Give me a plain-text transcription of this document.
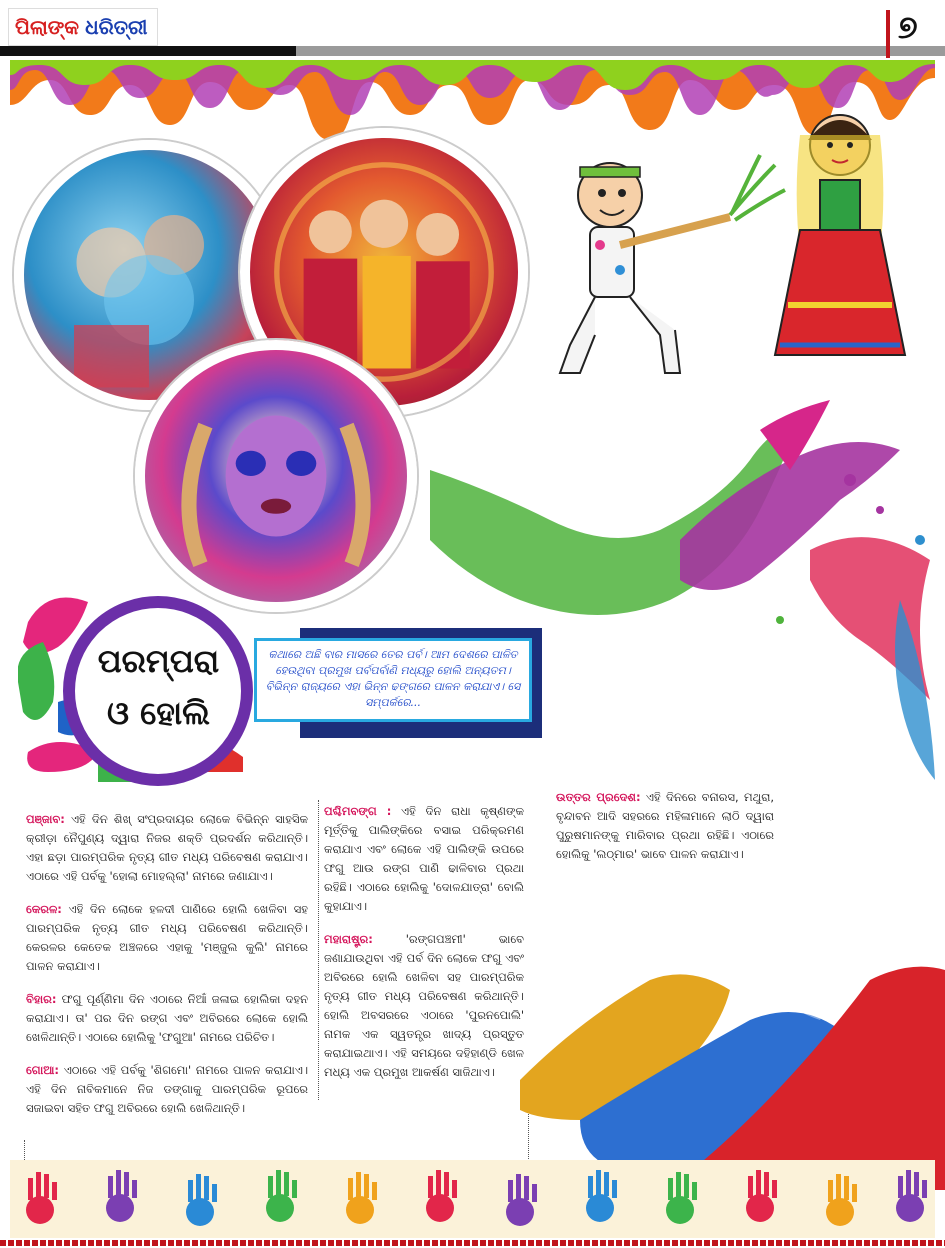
ପିଲାଙ୍କ ଧରିତ୍ରୀ	୭
ପରମ୍ପରା
ଓ ହୋଲି
କଥାରେ ଅଛି ବାର ମାସରେ ତେର ପର୍ବ। ଆମ ଦେଶରେ ପାଳିତ ହେଉଥିବା ପ୍ରମୁଖ ପର୍ବପର୍ବାଣି ମଧ୍ୟରୁ ହୋଲି ଅନ୍ୟତମ। ବିଭିନ୍ନ ରାଜ୍ୟରେ ଏହା ଭିନ୍ନ ଢଙ୍ଗରେ ପାଳନ କରାଯାଏ। ସେ ସମ୍ପର୍କରେ...

ପଞ୍ଜାବ: ଏହି ଦିନ ଶିଖ୍ ସଂପ୍ରଦାୟର ଲୋକେ ବିଭିନ୍ନ ସାହସିକ କ୍ରୀଡ଼ା ନୈପୁଣ୍ୟ ଦ୍ୱାରା ନିଜର ଶକ୍ତି ପ୍ରଦର୍ଶନ କରିଥାନ୍ତି। ଏହା ଛଡ଼ା ପାରମ୍ପରିକ ନୃତ୍ୟ ଗୀତ ମଧ୍ୟ ପରିବେଷଣ କରାଯାଏ। ଏଠାରେ ଏହି ପର୍ବକୁ 'ହୋଲା ମୋହଲ୍ଲା' ନାମରେ ଜଣାଯାଏ।

କେରଳ: ଏହି ଦିନ ଲୋକେ ହଳଦୀ ପାଣିରେ ହୋଲି ଖେଳିବା ସହ ପାରମ୍ପରିକ ନୃତ୍ୟ ଗୀତ ମଧ୍ୟ ପରିବେଷଣ କରିଥାନ୍ତି। କେରଳର କେତେକ ଅଞ୍ଚଳରେ ଏହାକୁ 'ମଞ୍ଜୁଲ କୁଲି' ନାମରେ ପାଳନ କରାଯାଏ।

ବିହାର: ଫଗୁ ପୂର୍ଣ୍ଣିମା ଦିନ ଏଠାରେ ନିଆଁ ଜଳାଇ ହୋଲିକା ଦହନ କରାଯାଏ। ତା' ପର ଦିନ ରଙ୍ଗ ଏବଂ ଅବିରରେ ଲୋକେ ହୋଲି ଖେଳିଥାନ୍ତି। ଏଠାରେ ହୋଲିକୁ 'ଫଗୁଆ' ନାମରେ ପରିଚିତ।

ଗୋଆ: ଏଠାରେ ଏହି ପର୍ବକୁ 'ଶିଗମୋ' ନାମରେ ପାଳନ କରାଯାଏ। ଏହି ଦିନ ନାବିକମାନେ ନିଜ ଡଙ୍ଗାକୁ ପାରମ୍ପରିକ ରୂପରେ ସଜାଇବା ସହିତ ଫଗୁ ଅବିରରେ ହୋଲି ଖେଳିଥାନ୍ତି।

ପଶ୍ଚିମବଙ୍ଗ : ଏହି ଦିନ ରାଧା କୃଷ୍ଣଙ୍କ ମୂର୍ତ୍ତିକୁ ପାଲିଙ୍କିରେ ବସାଇ ପରିକ୍ରମଣ କରାଯାଏ ଏବଂ ଲୋକେ ଏହି ପାଲିଙ୍କି ଉପରେ ଫଗୁ ଆଉ ରଙ୍ଗ ପାଣି ଢାଳିବାର ପ୍ରଥା ରହିଛି। ଏଠାରେ ହୋଲିକୁ 'ଦୋଳଯାତ୍ରା' ବୋଲି କୁହାଯାଏ।

ମହାରାଷ୍ଟ୍ର: 'ରଙ୍ଗପଞ୍ଚମୀ' ଭାବେ ଜଣାଯାଉଥିବା ଏହି ପର୍ବ ଦିନ ଲୋକେ ଫଗୁ ଏବଂ ଅବିରରେ ହୋଲି ଖେଳିବା ସହ ପାରମ୍ପରିକ ନୃତ୍ୟ ଗୀତ ମଧ୍ୟ ପରିବେଷଣ କରିଥାନ୍ତି। ହୋଲି ଅବସରରେ ଏଠାରେ 'ପୁରନପୋଲି' ନାମକ ଏକ ସ୍ୱତନ୍ତ୍ର ଖାଦ୍ୟ ପ୍ରସ୍ତୁତ କରାଯାଇଥାଏ। ଏହି ସମୟରେ ଦହିହାଣ୍ଡି ଖେଳ ମଧ୍ୟ ଏକ ପ୍ରମୁଖ ଆକର୍ଷଣ ସାଜିଥାଏ।

ଉତ୍ତର ପ୍ରଦେଶ: ଏହି ଦିନରେ ବନାରସ, ମଥୁରା, ବୃନ୍ଦାବନ ଆଦି ସହରରେ ମହିଳାମାନେ ଲାଠି ଦ୍ୱାରା ପୁରୁଷମାନଙ୍କୁ ମାରିବାର ପ୍ରଥା ରହିଛି। ଏଠାରେ ହୋଲିକୁ 'ଲଠ୍‌ମାର' ଭାବେ ପାଳନ କରାଯାଏ।
